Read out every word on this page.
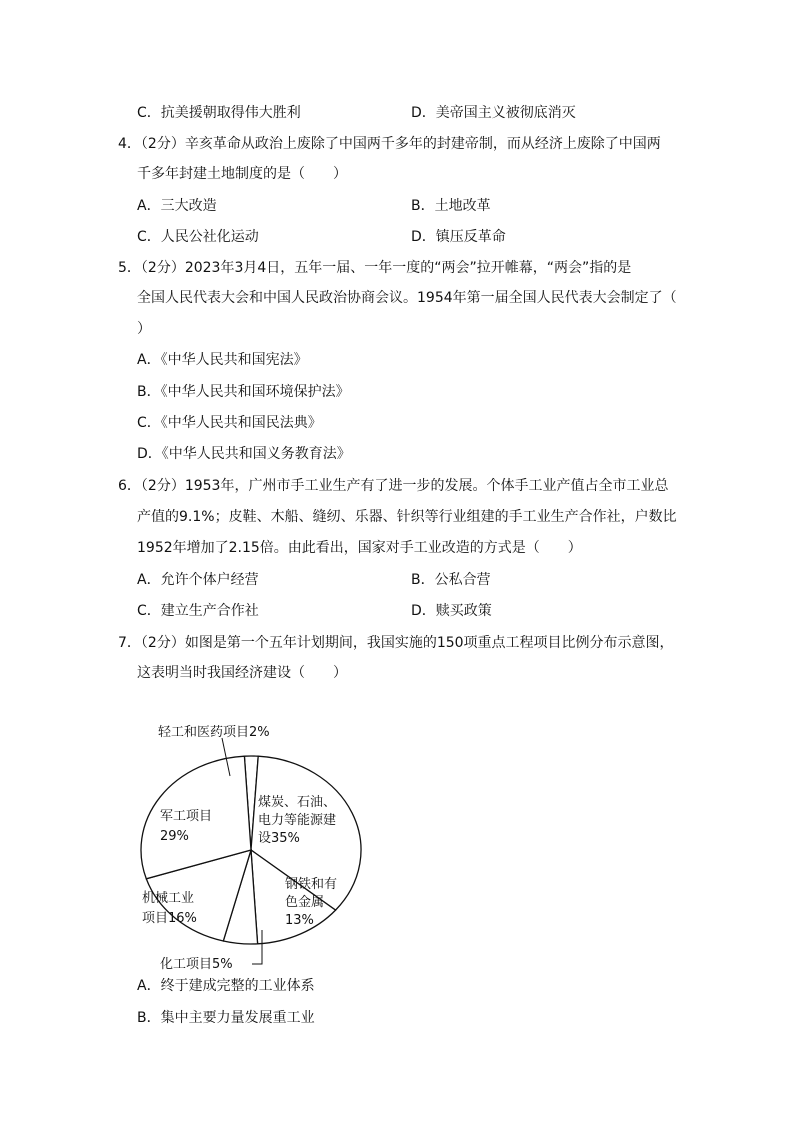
C．抗美援朝取得伟大胜利	D．美帝国主义被彻底消灭
4．（2分）辛亥革命从政治上废除了中国两千多年的封建帝制，而从经济上废除了中国两
千多年封建土地制度的是（　　）
A．三大改造	B．土地改革
C．人民公社化运动	D．镇压反革命
5．（2分）2023年3月4日，五年一届、一年一度的“两会”拉开帷幕，“两会”指的是
全国人民代表大会和中国人民政治协商会议。1954年第一届全国人民代表大会制定了（
）
A．《中华人民共和国宪法》
B．《中华人民共和国环境保护法》
C．《中华人民共和国民法典》
D．《中华人民共和国义务教育法》
6．（2分）1953年，广州市手工业生产有了进一步的发展。个体手工业产值占全市工业总
产值的9.1%；皮鞋、木船、缝纫、乐器、针织等行业组建的手工业生产合作社，户数比
1952年增加了2.15倍。由此看出，国家对手工业改造的方式是（　　）
A．允许个体户经营	B．公私合营
C．建立生产合作社	D．赎买政策
7．（2分）如图是第一个五年计划期间，我国实施的150项重点工程项目比例分布示意图，
这表明当时我国经济建设（　　）
煤炭、石油、电力等能源建设35%
钢铁和有色金属 13%
化工项目5%
机械工业项目16%
军工项目 29%
轻工和医药项目2%
A．终于建成完整的工业体系
B．集中主要力量发展重工业
